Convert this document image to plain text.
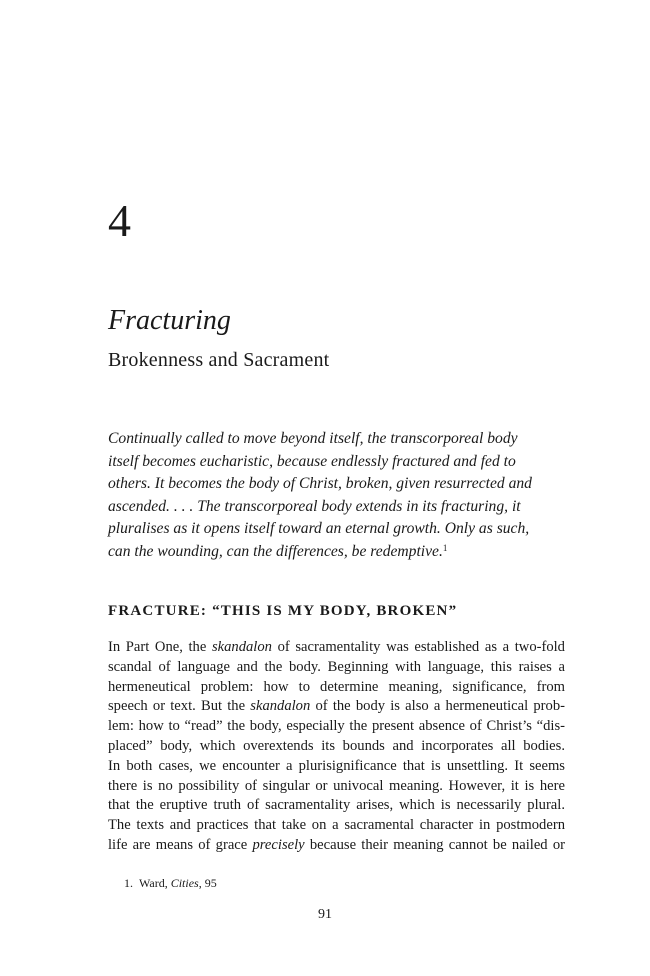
4
Fracturing
Brokenness and Sacrament
Continually called to move beyond itself, the transcorporeal body
itself becomes eucharistic, because endlessly fractured and fed to
others. It becomes the body of Christ, broken, given resurrected and
ascended. . . . The transcorporeal body extends in its fracturing, it
pluralises as it opens itself toward an eternal growth. Only as such,
can the wounding, can the differences, be redemptive.$^1$
FRACTURE: “THIS IS MY BODY, BROKEN”
In Part One, the skandalon of sacramentality was established as a two-fold
scandal of language and the body. Beginning with language, this raises a
hermeneutical problem: how to determine meaning, significance, from
speech or text. But the skandalon of the body is also a hermeneutical prob-
lem: how to “read” the body, especially the present absence of Christ’s “dis-
placed” body, which overextends its bounds and incorporates all bodies.
In both cases, we encounter a plurisignificance that is unsettling. It seems
there is no possibility of singular or univocal meaning. However, it is here
that the eruptive truth of sacramentality arises, which is necessarily plural.
The texts and practices that take on a sacramental character in postmodern
life are means of grace precisely because their meaning cannot be nailed or
1. Ward, Cities, 95
91
